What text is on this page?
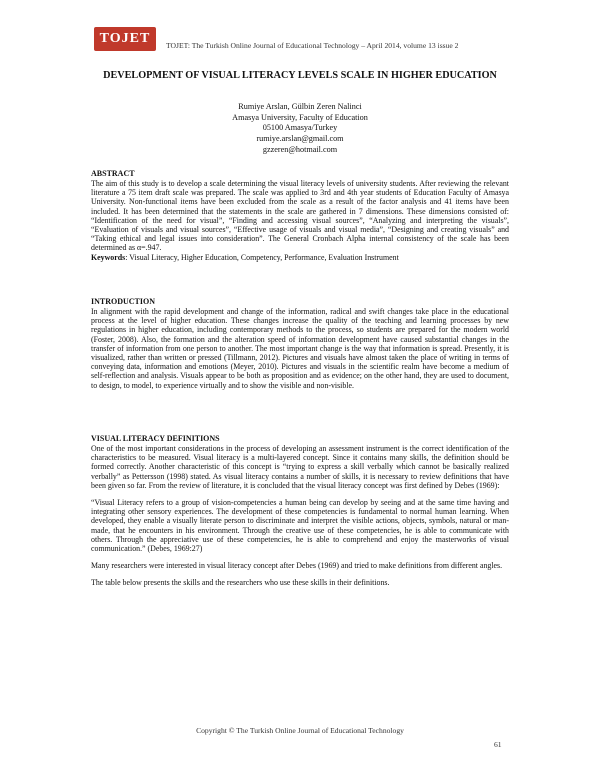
TOJET	TOJET: The Turkish Online Journal of Educational Technology – April 2014, volume 13 issue 2
DEVELOPMENT OF VISUAL LITERACY LEVELS SCALE IN HIGHER EDUCATION
Rumiye Arslan, Gülbin Zeren Nalinci
Amasya University, Faculty of Education
05100 Amasya/Turkey
rumiye.arslan@gmail.com
gzzeren@hotmail.com
ABSTRACT

The aim of this study is to develop a scale determining the visual literacy levels of university students. After reviewing the relevant literature a 75 item draft scale was prepared. The scale was applied to 3rd and 4th year students of Education Faculty of Amasya University. Non-functional items have been excluded from the scale as a result of the factor analysis and 41 items have been included. It has been determined that the statements in the scale are gathered in 7 dimensions. These dimensions consisted of: “Identification of the need for visual”, “Finding and accessing visual sources”, “Analyzing and interpreting the visuals”, “Evaluation of visuals and visual sources”, “Effective usage of visuals and visual media”, “Designing and creating visuals” and “Taking ethical and legal issues into consideration”. The General Cronbach Alpha internal consistency of the scale has been determined as α=.947.

Keywords: Visual Literacy, Higher Education, Competency, Performance, Evaluation Instrument

INTRODUCTION

In alignment with the rapid development and change of the information, radical and swift changes take place in the educational process at the level of higher education. These changes increase the quality of the teaching and learning processes by new regulations in higher education, including contemporary methods to the process, so students are prepared for the modern world (Foster, 2008). Also, the formation and the alteration speed of information development have caused substantial changes in the transfer of information from one person to another. The most important change is the way that information is spread. Presently, it is visualized, rather than written or pressed (Tillmann, 2012). Pictures and visuals have almost taken the place of writing in terms of conveying data, information and emotions (Meyer, 2010). Pictures and visuals in the scientific realm have become a medium of self-reflection and analysis. Visuals appear to be both as proposition and as evidence; on the other hand, they are used to document, to design, to model, to experience virtually and to show the visible and non-visible.

VISUAL LITERACY DEFINITIONS

One of the most important considerations in the process of developing an assessment instrument is the correct identification of the characteristics to be measured. Visual literacy is a multi-layered concept. Since it contains many skills, the definition should be formed correctly. Another characteristic of this concept is “trying to express a skill verbally which cannot be basically realized verbally” as Pettersson (1998) stated. As visual literacy contains a number of skills, it is necessary to review definitions that have been given so far. From the review of literature, it is concluded that the visual literacy concept was first defined by Debes (1969):

“Visual Literacy refers to a group of vision-competencies a human being can develop by seeing and at the same time having and integrating other sensory experiences. The development of these competencies is fundamental to normal human learning. When developed, they enable a visually literate person to discriminate and interpret the visible actions, objects, symbols, natural or man-made, that he encounters in his environment. Through the creative use of these competencies, he is able to communicate with others. Through the appreciative use of these competencies, he is able to comprehend and enjoy the masterworks of visual communication.” (Debes, 1969:27)

Many researchers were interested in visual literacy concept after Debes (1969) and tried to make definitions from different angles.

The table below presents the skills and the researchers who use these skills in their definitions.

Copyright © The Turkish Online Journal of Educational Technology
61
